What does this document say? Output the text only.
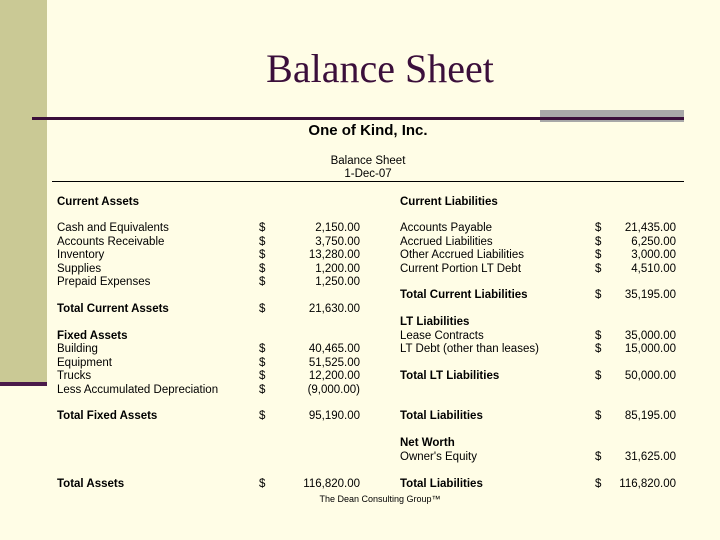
Balance Sheet
One of Kind, Inc.
Balance Sheet
1-Dec-07
Current Assets
Cash and Equivalents	$	2,150.00
Accounts Receivable	$	3,750.00
Inventory	$	13,280.00
Supplies	$	1,200.00
Prepaid Expenses	$	1,250.00
Total Current Assets	$	21,630.00
Fixed Assets
Building	$	40,465.00
Equipment	$	51,525.00
Trucks	$	12,200.00
Less Accumulated Depreciation	$	(9,000.00)
Total Fixed Assets	$	95,190.00
Total Assets	$	116,820.00
Current Liabilities
Accounts Payable	$ 21,435.00
Accrued Liabilities	$	6,250.00
Other Accrued Liabilities	$	3,000.00
Current Portion LT Debt	$	4,510.00
Total Current Liabilities	$ 35,195.00
LT Liabilities
Lease Contracts	$ 35,000.00
LT Debt (other than leases)	$ 15,000.00
Total LT Liabilities	$ 50,000.00
Total Liabilities	$ 85,195.00
Net Worth
Owner's Equity	$ 31,625.00
Total Liabilities	$ 116,820.00
The Dean Consulting Group™
